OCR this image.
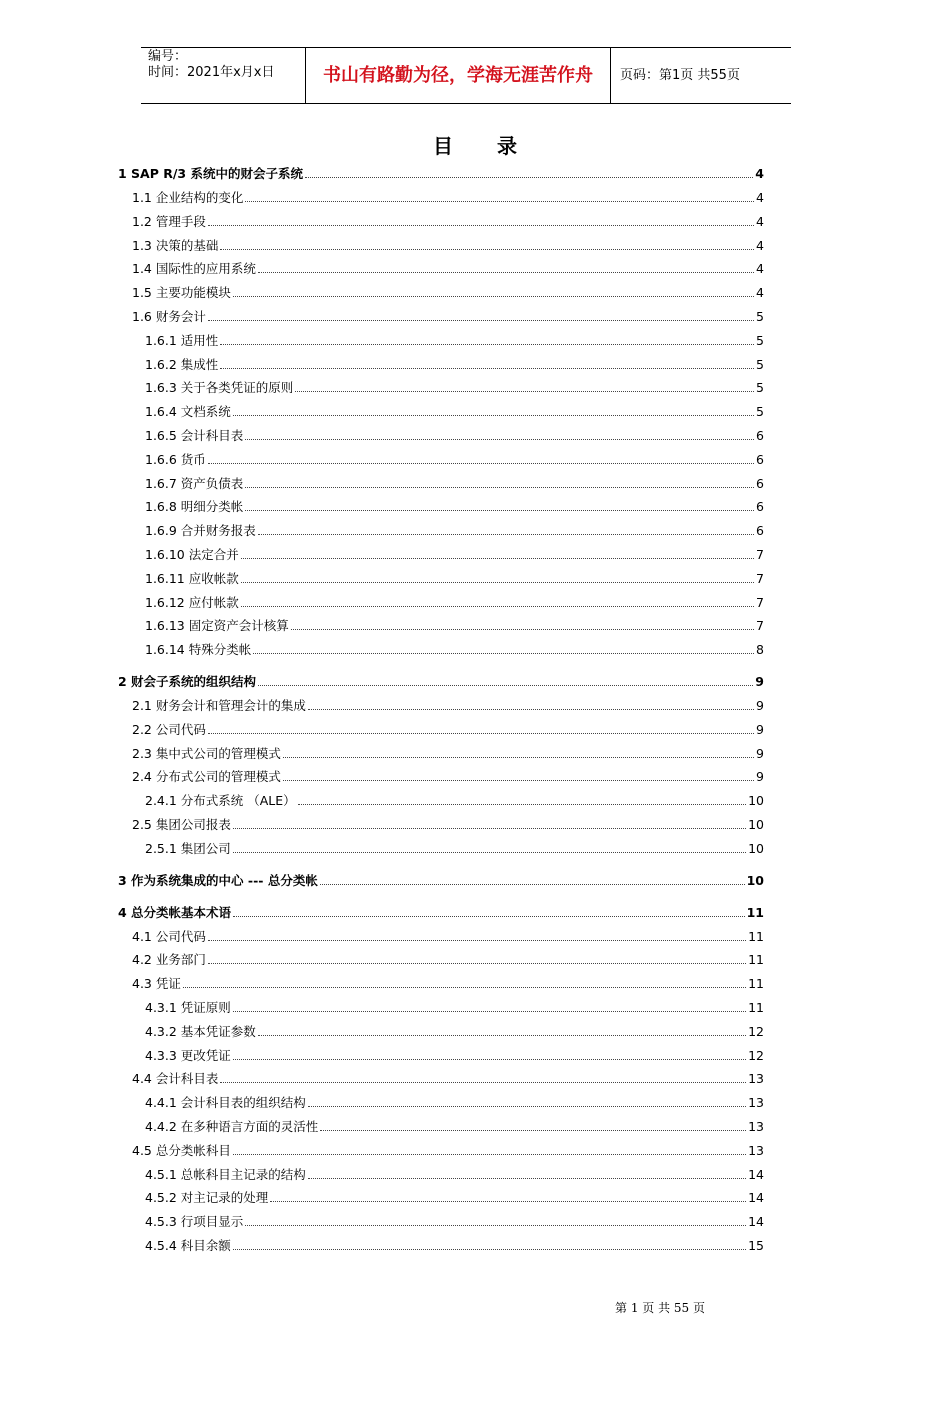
编号：
时间：2021年x月x日	书山有路勤为径，学海无涯苦作舟	页码：第1页 共55页
目录
1 SAP R/3 系统中的财会子系统	4
1.1 企业结构的变化	4
1.2 管理手段	4
1.3 决策的基础	4
1.4 国际性的应用系统	4
1.5 主要功能模块	4
1.6 财务会计	5
1.6.1 适用性	5
1.6.2 集成性	5
1.6.3 关于各类凭证的原则	5
1.6.4 文档系统	5
1.6.5 会计科目表	6
1.6.6 货币	6
1.6.7 资产负债表	6
1.6.8 明细分类帐	6
1.6.9 合并财务报表	6
1.6.10 法定合并	7
1.6.11 应收帐款	7
1.6.12 应付帐款	7
1.6.13 固定资产会计核算	7
1.6.14 特殊分类帐	8
2 财会子系统的组织结构	9
2.1 财务会计和管理会计的集成	9
2.2 公司代码	9
2.3 集中式公司的管理模式	9
2.4 分布式公司的管理模式	9
2.4.1 分布式系统 （ALE）	10
2.5 集团公司报表	10
2.5.1 集团公司	10
3 作为系统集成的中心 --- 总分类帐	10
4 总分类帐基本术语	11
4.1 公司代码	11
4.2 业务部门	11
4.3 凭证	11
4.3.1 凭证原则	11
4.3.2 基本凭证参数	12
4.3.3 更改凭证	12
4.4 会计科目表	13
4.4.1 会计科目表的组织结构	13
4.4.2 在多种语言方面的灵活性	13
4.5 总分类帐科目	13
4.5.1 总帐科目主记录的结构	14
4.5.2 对主记录的处理	14
4.5.3 行项目显示	14
4.5.4 科目余额	15
第 1 页 共 55 页
